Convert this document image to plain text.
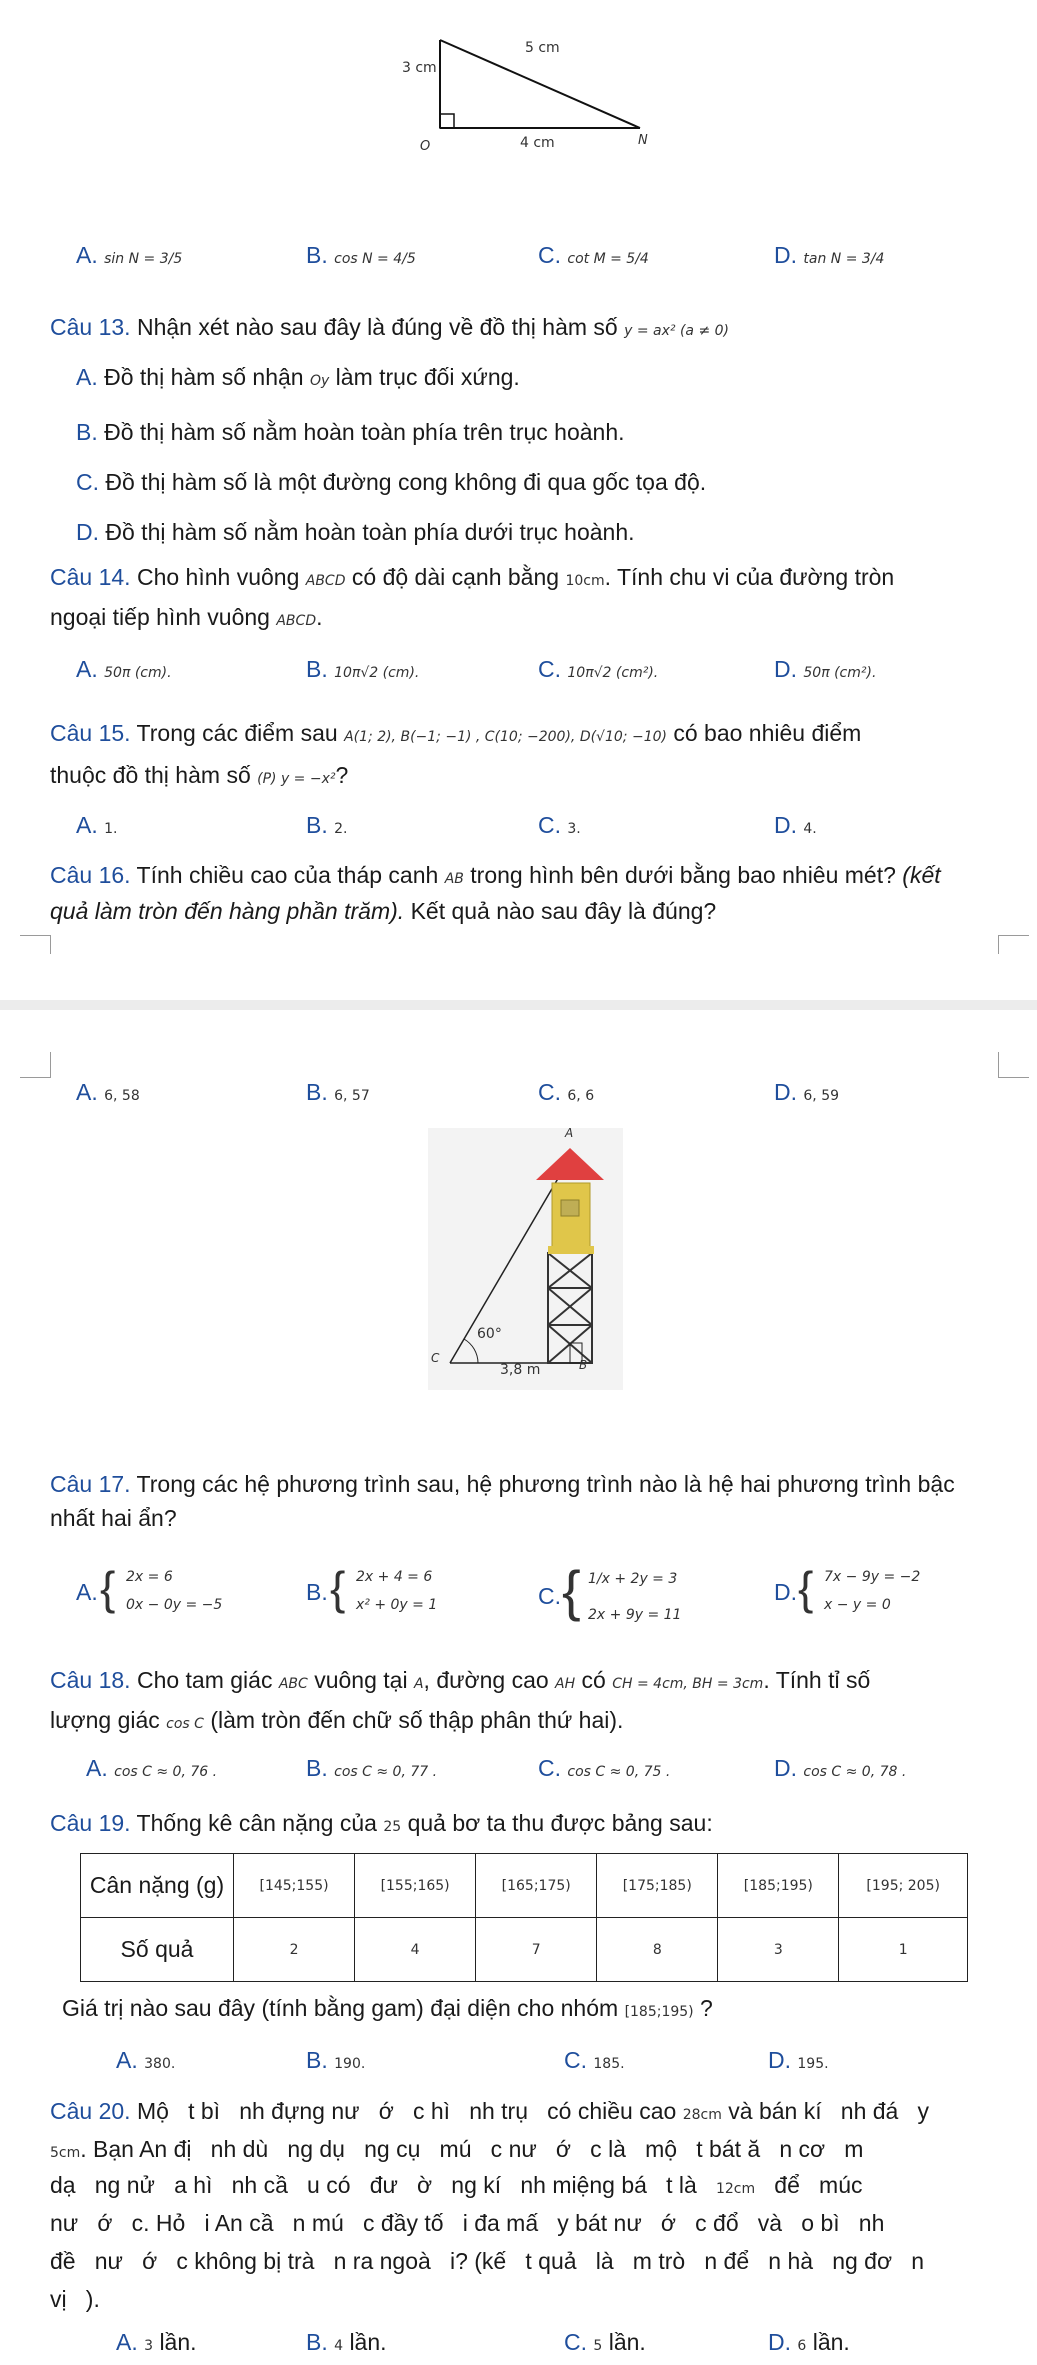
5 cm
3 cm
4 cm
O	N
A. sin N = 3/5	B. cos N = 4/5	C. cot M = 5/4	D. tan N = 3/4
Câu 13. Nhận xét nào sau đây là đúng về đồ thị hàm số y = ax² (a ≠ 0)
A. Đồ thị hàm số nhận Oy làm trục đối xứng.
B. Đồ thị hàm số nằm hoàn toàn phía trên trục hoành.
C. Đồ thị hàm số là một đường cong không đi qua gốc tọa độ.
D. Đồ thị hàm số nằm hoàn toàn phía dưới trục hoành.
Câu 14. Cho hình vuông ABCD có độ dài cạnh bằng 10cm. Tính chu vi của đường tròn
ngoại tiếp hình vuông ABCD.
A. 50π (cm).	B. 10π√2 (cm).	C. 10π√2 (cm²).	D. 50π (cm²).
Câu 15. Trong các điểm sau A(1; 2), B(−1; −1) , C(10; −200), D(√10; −10) có bao nhiêu điểm
thuộc đồ thị hàm số (P) y = −x²?
A. 1.	B. 2.	C. 3.	D. 4.
Câu 16. Tính chiều cao của tháp canh AB trong hình bên dưới bằng bao nhiêu mét? (kết
quả làm tròn đến hàng phần trăm). Kết quả nào sau đây là đúng?
A. 6, 58	B. 6, 57	C. 6, 6	D. 6, 59
A
B
C
60°
3,8 m
Câu 17. Trong các hệ phương trình sau, hệ phương trình nào là hệ hai phương trình bậc
nhất hai ẩn?
A. { 2x = 6
0x − 0y = −5	B. { 2x + 4 = 6
x² + 0y = 1	C. { 1/x + 2y = 3
2x + 9y = 11
D. { 7x − 9y = −2
x − y = 0
Câu 18. Cho tam giác ABC vuông tại A, đường cao AH có CH = 4cm, BH = 3cm. Tính tỉ số
lượng giác cos C (làm tròn đến chữ số thập phân thứ hai).
A. cos C ≈ 0, 76 .	B. cos C ≈ 0, 77 .	C. cos C ≈ 0, 75 .	D. cos C ≈ 0, 78 .
Câu 19. Thống kê cân nặng của 25 quả bơ ta thu được bảng sau:
Cân nặng (g)	[145;155)	[155;165)	[165;175)	[175;185)	[185;195)	[195; 205)
Số quả	2	4	7	8	3	1
Giá trị nào sau đây (tính bằng gam) đại diện cho nhóm [185;195) ?
A. 380.	B. 190.	C. 185.	D. 195.
Câu 20. Mộ   t bì   nh đựng nư   ớ   c hì   nh trụ   có chiều cao 28cm và bán kí   nh đá   y
5cm. Bạn An đị   nh dù   ng dụ   ng cụ   mú   c nư   ớ   c là   mộ   t bát ă   n cơ   m
dạ   ng nử   a hì   nh cầ   u có   đư   ờ   ng kí   nh miệng bá   t là 12cm để   múc
nư   ớ   c. Hỏ   i An cầ   n mú   c đầy tố   i đa mấ   y bát nư   ớ   c đổ   và   o bì   nh
đề   nư   ớ   c không bị trà   n ra ngoà   i? (kế   t quả   là   m trò   n để   n hà   ng đơ   n
vị   ).
A. 3 lần.	B. 4 lần.	C. 5 lần.	D. 6 lần.
